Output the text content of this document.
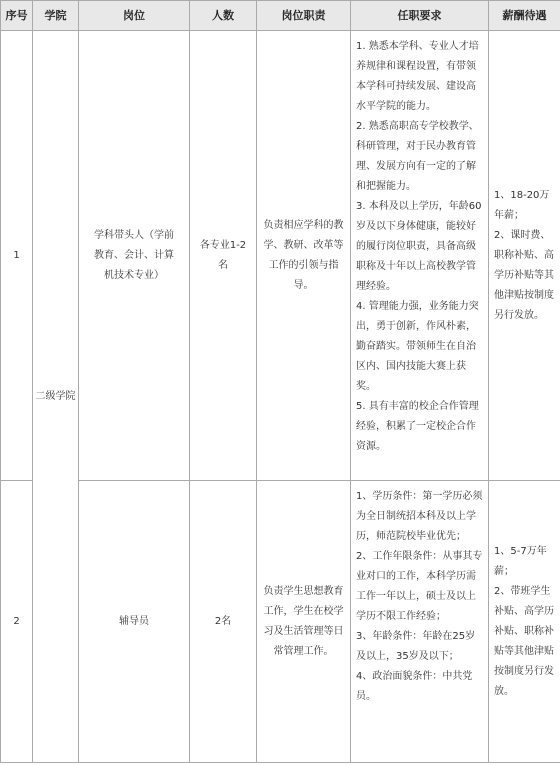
序号	学院	岗位	人数	岗位职责	任职要求	薪酬待遇
1	二级学院	学科带头人（学前教育、会计、计算机技术专业）	各专业1-2名	负责相应学科的教学、教研、改革等工作的引领与指导。	1. 熟悉本学科、专业人才培养规律和课程设置，有带领本学科可持续发展、建设高水平学院的能力。
2. 熟悉高职高专学校教学、科研管理，对于民办教育管理、发展方向有一定的了解和把握能力。
3. 本科及以上学历，年龄60岁及以下身体健康，能较好的履行岗位职责，具备高级职称及十年以上高校教学管理经验。
4. 管理能力强，业务能力突出，勇于创新，作风朴素，勤奋踏实。带领师生在自治区内、国内技能大赛上获奖。
5. 具有丰富的校企合作管理经验，积累了一定校企合作资源。	1、18-20万年薪；
2、课时费、职称补贴、高学历补贴等其他津贴按制度另行发放。

2		辅导员	2名	负责学生思想教育工作，学生在校学习及生活管理等日常管理工作。	1、学历条件：第一学历必须为全日制统招本科及以上学历，师范院校毕业优先；
2、工作年限条件：从事其专业对口的工作，本科学历需工作一年以上，硕士及以上学历不限工作经验；
3、年龄条件：年龄在25岁及以上，35岁及以下；
4、政治面貌条件：中共党员。	1、5-7万年薪；
2、带班学生补贴、高学历补贴、职称补贴等其他津贴按制度另行发放。
